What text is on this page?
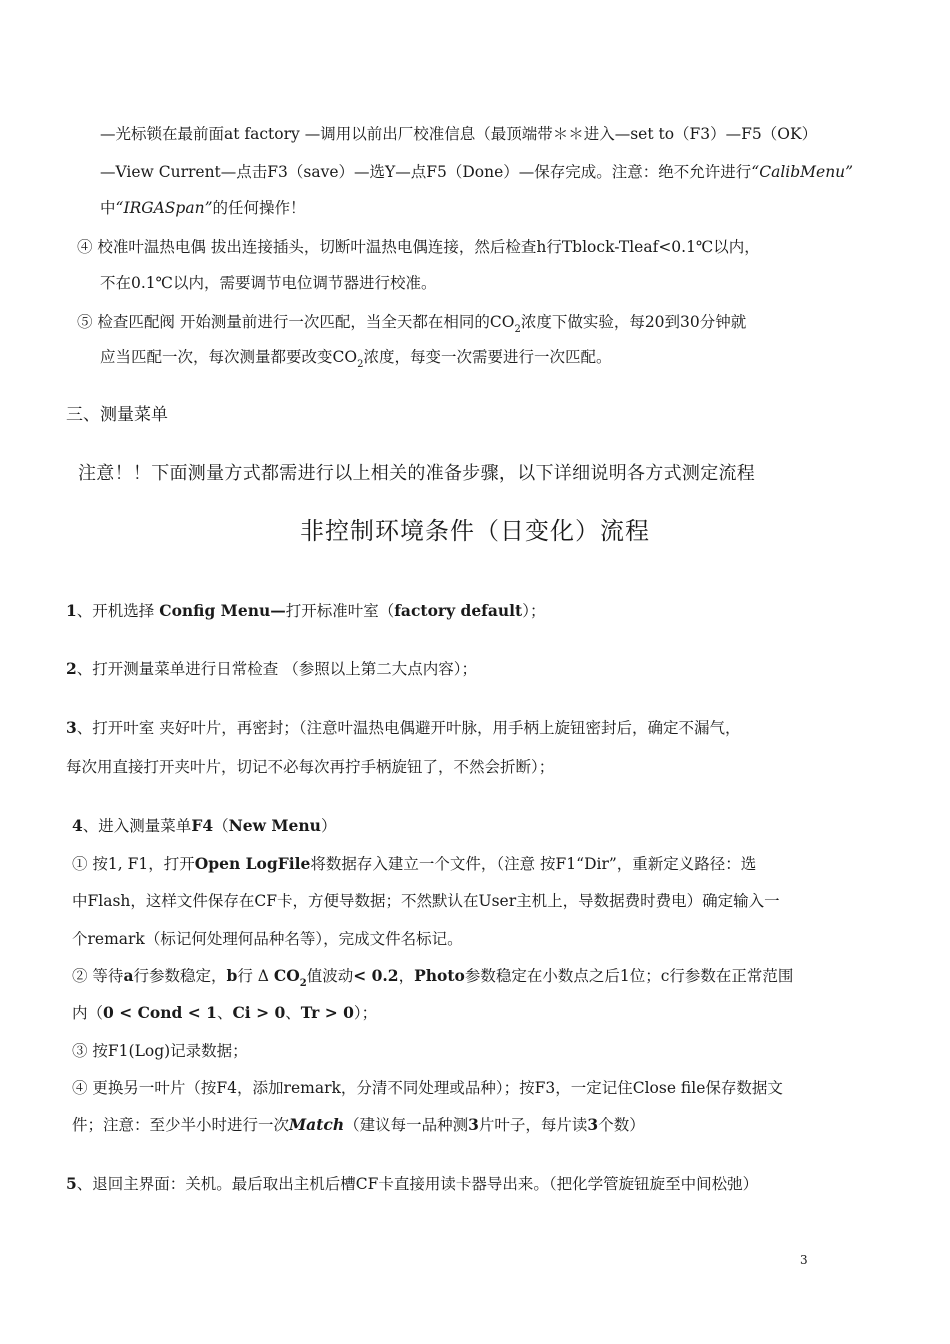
—光标锁在最前面at factory —调用以前出厂校准信息（最顶端带＊＊进入—set to（F3）—F5（OK）
—View Current—点击F3（save）—选Y—点F5（Done）—保存完成。注意：绝不允许进行“CalibMenu”
中“IRGASpan”的任何操作！
④ 校准叶温热电偶 拔出连接插头，切断叶温热电偶连接，然后检查h行Tblock-Tleaf<0.1℃以内，
不在0.1℃以内，需要调节电位调节器进行校准。
⑤ 检查匹配阀 开始测量前进行一次匹配，当全天都在相同的$CO_2$浓度下做实验，每20到30分钟就
应当匹配一次，每次测量都要改变$CO_2$浓度，每变一次需要进行一次匹配。
三、测量菜单
注意！！下面测量方式都需进行以上相关的准备步骤，以下详细说明各方式测定流程
非控制环境条件（日变化）流程
1、开机选择 Config Menu—打开标准叶室（factory default）；
2、打开测量菜单进行日常检查 （参照以上第二大点内容）；
3、打开叶室 夹好叶片，再密封；（注意叶温热电偶避开叶脉，用手柄上旋钮密封后，确定不漏气，
每次用直接打开夹叶片，切记不必每次再拧手柄旋钮了，不然会折断）；
4、进入测量菜单F4（New Menu）
① 按1, F1，打开Open LogFile将数据存入建立一个文件，（注意 按F1“Dir”，重新定义路径：选
中Flash，这样文件保存在CF卡，方便导数据；不然默认在User主机上，导数据费时费电）确定输入一
个remark（标记何处理何品种名等），完成文件名标记。
② 等待a行参数稳定，b行 Δ $CO_2$值波动< 0.2，Photo参数稳定在小数点之后1位；c行参数在正常范围
内（0 < Cond < 1、Ci > 0、Tr > 0）；
③ 按F1(Log)记录数据；
④ 更换另一叶片（按F4，添加remark，分清不同处理或品种）；按F3，一定记住Close file保存数据文
件；注意：至少半小时进行一次Match（建议每一品种测3片叶子，每片读3个数）
5、退回主界面：关机。最后取出主机后槽CF卡直接用读卡器导出来。（把化学管旋钮旋至中间松弛）
3
